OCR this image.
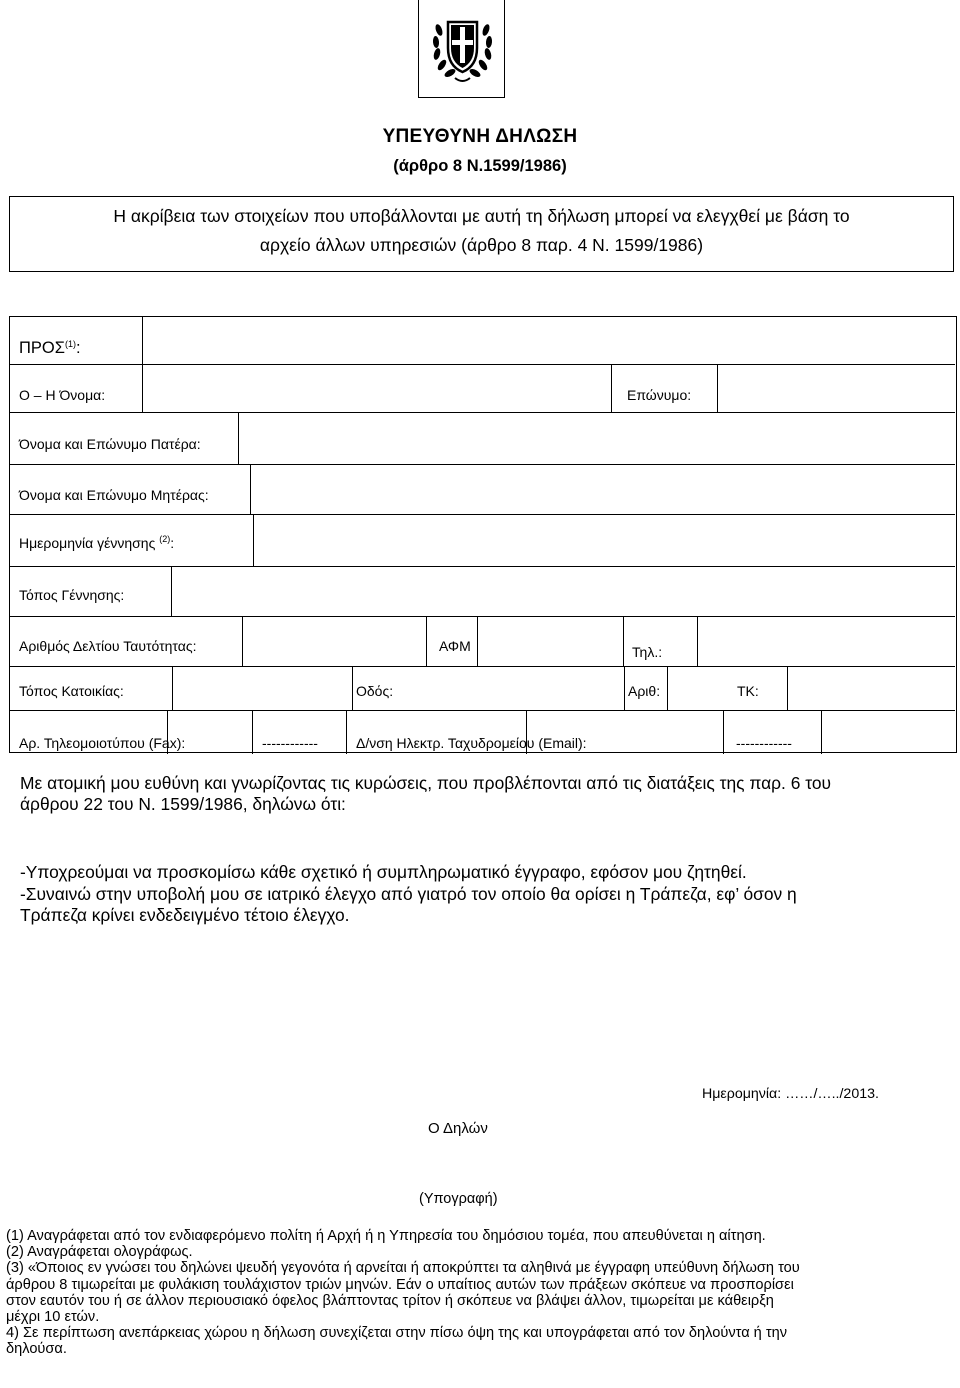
ΥΠΕΥΘΥΝΗ ΔΗΛΩΣΗ
(άρθρο 8 Ν.1599/1986)
Η ακρίβεια των στοιχείων που υποβάλλονται με αυτή τη δήλωση μπορεί να ελεγχθεί με βάση το
αρχείο άλλων υπηρεσιών (άρθρο 8 παρ. 4 Ν. 1599/1986)
ΠΡΟΣ$^{(1)}$:
Ο – Η Όνομα:	Επώνυμο:
Όνομα και Επώνυμο Πατέρα:
Όνομα και Επώνυμο Μητέρας:
Ημερομηνία γέννησης $^{(2)}$:
Τόπος Γέννησης:
Αριθμός Δελτίου Ταυτότητας:	ΑΦΜ	Τηλ.:
Τόπος Κατοικίας:	Οδός:	Αριθ:	ΤΚ:
Αρ. Τηλεομοιοτύπου (Fax):	------------	Δ/νση Ηλεκτρ. Ταχυδρομείου (Email):	------------
Με ατομική μου ευθύνη και γνωρίζοντας τις κυρώσεις, που προβλέπονται από τις διατάξεις της παρ. 6 του
άρθρου 22 του Ν. 1599/1986, δηλώνω ότι:
-Υποχρεούμαι να προσκομίσω κάθε σχετικό ή συμπληρωματικό έγγραφο, εφόσον μου ζητηθεί.
-Συναινώ στην υποβολή μου σε ιατρικό έλεγχο από γιατρό τον οποίο θα ορίσει η Τράπεζα, εφ’ όσον η
Τράπεζα κρίνει ενδεδειγμένο τέτοιο έλεγχο.
Ημερομηνία: ……/…../2013.
Ο Δηλών
(Υπογραφή)
(1) Αναγράφεται από τον ενδιαφερόμενο πολίτη ή Αρχή ή η Υπηρεσία του δημόσιου τομέα, που απευθύνεται η αίτηση.
(2) Αναγράφεται ολογράφως.
(3) «Όποιος εν γνώσει του δηλώνει ψευδή γεγονότα ή αρνείται ή αποκρύπτει τα αληθινά με έγγραφη υπεύθυνη δήλωση του
άρθρου 8 τιμωρείται με φυλάκιση τουλάχιστον τριών μηνών. Εάν ο υπαίτιος αυτών των πράξεων σκόπευε να προσπορίσει
στον εαυτόν του ή σε άλλον περιουσιακό όφελος βλάπτοντας τρίτον ή σκόπευε να βλάψει άλλον, τιμωρείται με κάθειρξη
μέχρι 10 ετών.
4) Σε περίπτωση ανεπάρκειας χώρου η δήλωση συνεχίζεται στην πίσω όψη της και υπογράφεται από τον δηλούντα ή την
δηλούσα.
